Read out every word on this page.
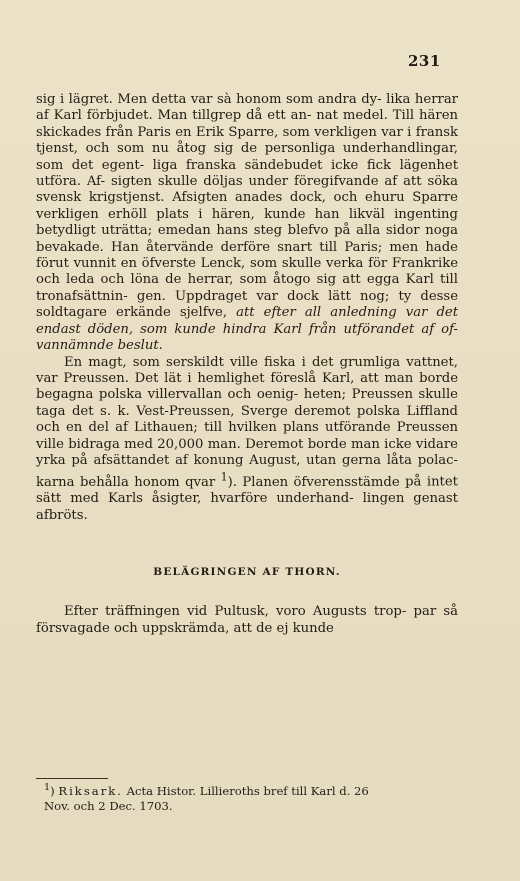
231

sig i lägret. Men detta var sà honom som andra dy- lika herrar af Karl förbjudet. Man tillgrep då ett an- nat medel. Till hären skickades från Paris en Erik Sparre, som verkligen var i fransk tjenst, och som nu åtog sig de personliga underhandlingar, som det egent- liga franska sändebudet icke fick lägenhet utföra. Af- sigten skulle döljas under föregifvande af att söka svensk krigstjenst. Afsigten anades dock, och ehuru Sparre verkligen erhöll plats i hären, kunde han likväl ingenting betydligt uträtta; emedan hans steg blefvo på alla sidor noga bevakade. Han återvände derföre snart till Paris; men hade förut vunnit en öfverste Lenck, som skulle verka för Frankrike och leda och löna de herrar, som åtogo sig att egga Karl till tronafsättnin- gen. Uppdraget var dock lätt nog; ty desse soldtagare erkände sjelfve, att efter all anledning var det endast döden, som kunde hindra Karl från utförandet af of- vannämnde beslut.

En magt, som serskildt ville fiska i det grumliga vattnet, var Preussen. Det lät i hemlighet föreslå Karl, att man borde begagna polska villervallan och oenig- heten; Preussen skulle taga det s. k. Vest-Preussen, Sverge deremot polska Liffland och en del af Lithauen; till hvilken plans utförande Preussen ville bidraga med 20,000 man. Deremot borde man icke vidare yrka på afsättandet af konung August, utan gerna låta polac- karna behålla honom qvar $^1$). Planen öfverensstämde på intet sätt med Karls åsigter, hvarföre underhand- lingen genast afbröts.

BELÄGRINGEN AF THORN.

Efter träffningen vid Pultusk, voro Augusts trop- par så försvagade och uppskrämda, att de ej kunde

$^1$) Riksark. Acta Histor. Lillieroths bref till Karl d. 26
Nov. och 2 Dec. 1703.
